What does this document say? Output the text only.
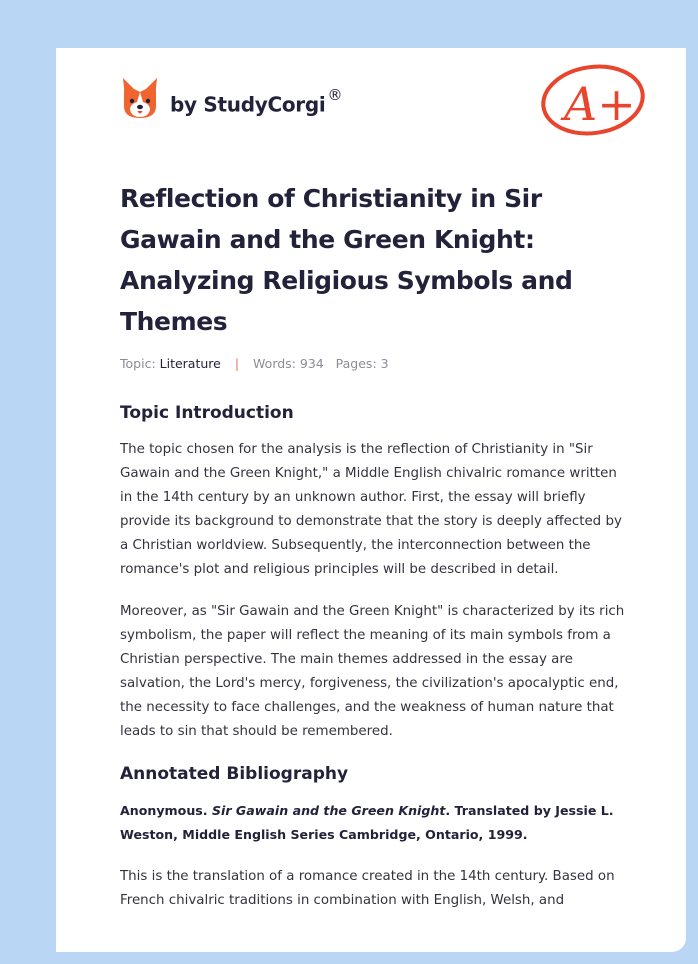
by StudyCorgi ®	A+
Reflection of Christianity in Sir Gawain and the Green Knight: Analyzing Religious Symbols and Themes
Topic: Literature | Words: 934 Pages: 3
Topic Introduction

The topic chosen for the analysis is the reflection of Christianity in "Sir Gawain and the Green Knight," a Middle English chivalric romance written in the 14th century by an unknown author. First, the essay will briefly provide its background to demonstrate that the story is deeply affected by a Christian worldview. Subsequently, the interconnection between the romance's plot and religious principles will be described in detail.

Moreover, as "Sir Gawain and the Green Knight" is characterized by its rich symbolism, the paper will reflect the meaning of its main symbols from a Christian perspective. The main themes addressed in the essay are salvation, the Lord's mercy, forgiveness, the civilization's apocalyptic end, the necessity to face challenges, and the weakness of human nature that leads to sin that should be remembered.

Annotated Bibliography
Anonymous. Sir Gawain and the Green Knight. Translated by Jessie L. Weston, Middle English Series Cambridge, Ontario, 1999.

This is the translation of a romance created in the 14th century. Based on French chivalric traditions in combination with English, Welsh, and
